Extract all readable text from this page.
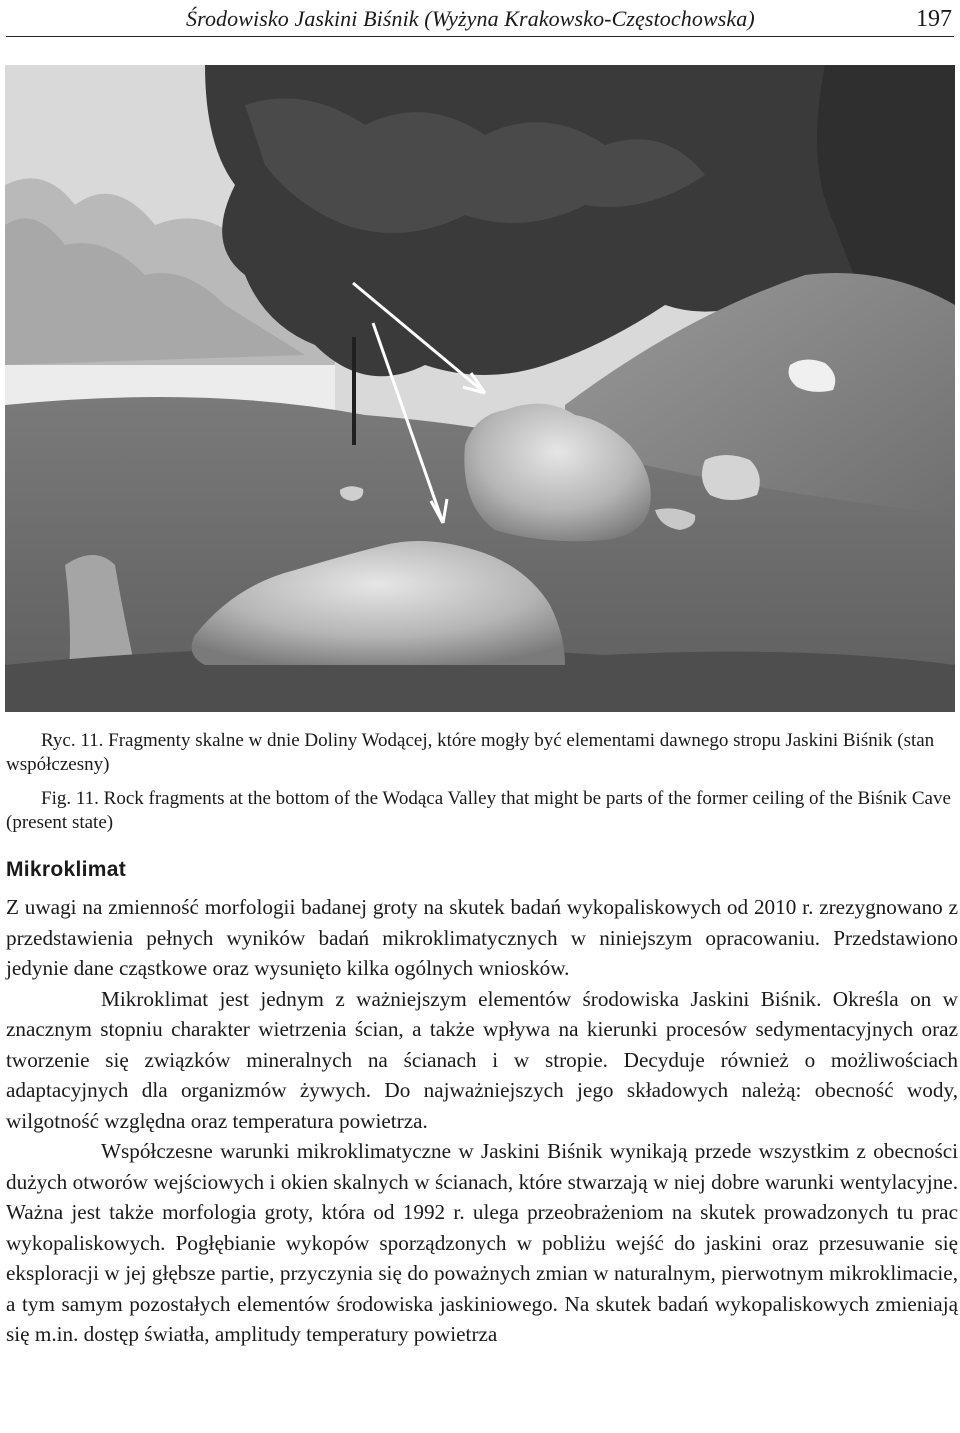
Środowisko Jaskini Biśnik (Wyżyna Krakowsko-Częstochowska)	197
Ryc. 11. Fragmenty skalne w dnie Doliny Wodącej, które mogły być elementami dawnego stropu Jaskini Biśnik (stan współczesny)
Fig. 11. Rock fragments at the bottom of the Wodąca Valley that might be parts of the former ceiling of the Biśnik Cave (present state)
Mikroklimat

Z uwagi na zmienność morfologii badanej groty na skutek badań wykopaliskowych od 2010 r. zrezygnowano z przedstawienia pełnych wyników badań mikroklimatycznych w niniejszym opracowaniu. Przedstawiono jedynie dane cząstkowe oraz wysunięto kilka ogólnych wniosków.

Mikroklimat jest jednym z ważniejszym elementów środowiska Jaskini Biśnik. Określa on w znacznym stopniu charakter wietrzenia ścian, a także wpływa na kierunki procesów sedymentacyjnych oraz tworzenie się związków mineralnych na ścianach i w stropie. Decyduje również o możliwościach adaptacyjnych dla organizmów żywych. Do najważniejszych jego składowych należą: obecność wody, wilgotność względna oraz temperatura powietrza.

Współczesne warunki mikroklimatyczne w Jaskini Biśnik wynikają przede wszystkim z obecności dużych otworów wejściowych i okien skalnych w ścianach, które stwarzają w niej dobre warunki wentylacyjne. Ważna jest także morfologia groty, która od 1992 r. ulega przeobrażeniom na skutek prowadzonych tu prac wykopaliskowych. Pogłębianie wykopów sporządzonych w pobliżu wejść do jaskini oraz przesuwanie się eksploracji w jej głębsze partie, przyczynia się do poważnych zmian w naturalnym, pierwotnym mikroklimacie, a tym samym pozostałych elementów środowiska jaskiniowego. Na skutek badań wykopaliskowych zmieniają się m.in. dostęp światła, amplitudy temperatury powietrza
